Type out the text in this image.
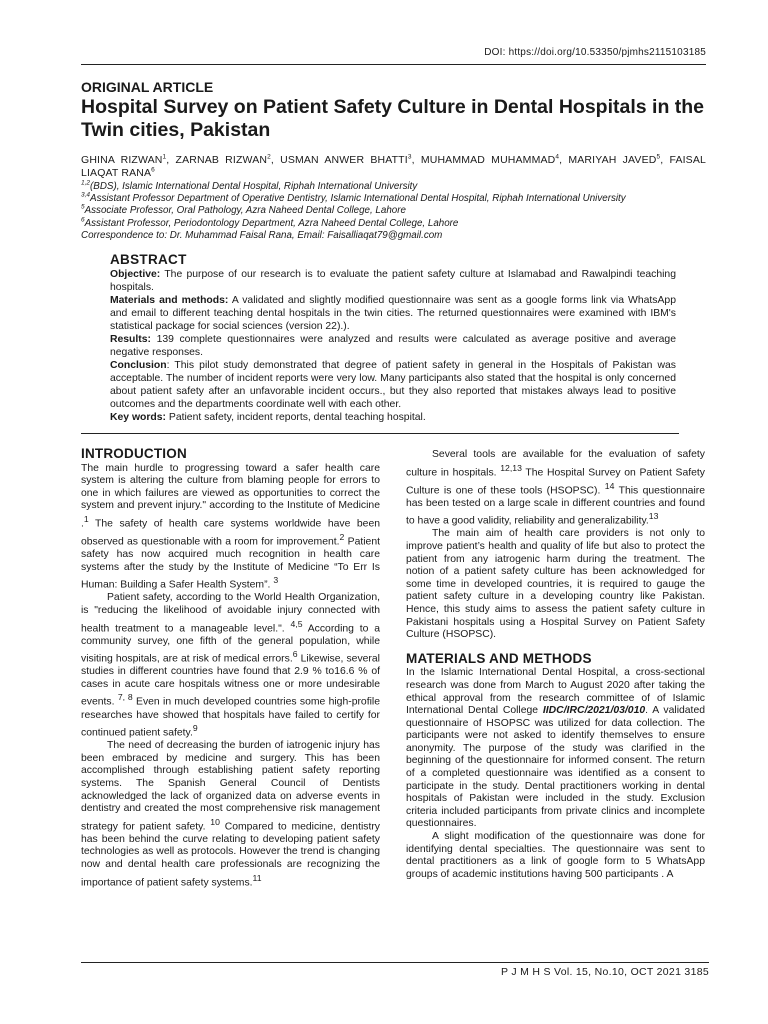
DOI: https://doi.org/10.53350/pjmhs2115103185
ORIGINAL ARTICLE
Hospital Survey on Patient Safety Culture in Dental Hospitals in the Twin cities, Pakistan
GHINA RIZWAN$^1$, ZARNAB RIZWAN$^2$, USMAN ANWER BHATTI$^3$, MUHAMMAD MUHAMMAD$^4$, MARIYAH JAVED$^5$, FAISAL LIAQAT RANA$^6$
$^{1,2}$(BDS), Islamic International Dental Hospital, Riphah International University
$^{3,4}$Assistant Professor Department of Operative Dentistry, Islamic International Dental Hospital, Riphah International University
$^5$Associate Professor, Oral Pathology, Azra Naheed Dental College, Lahore
$^6$Assistant Professor, Periodontology Department, Azra Naheed Dental College, Lahore
Correspondence to: Dr. Muhammad Faisal Rana, Email: Faisalliaqat79@gmail.com
ABSTRACT

Objective: The purpose of our research is to evaluate the patient safety culture at Islamabad and Rawalpindi teaching hospitals.

Materials and methods: A validated and slightly modified questionnaire was sent as a google forms link via WhatsApp and email to different teaching dental hospitals in the twin cities. The returned questionnaires were examined with IBM's statistical package for social sciences (version 22).).

Results: 139 complete questionnaires were analyzed and results were calculated as average positive and average negative responses.

Conclusion: This pilot study demonstrated that degree of patient safety in general in the Hospitals of Pakistan was acceptable. The number of incident reports were very low. Many participants also stated that the hospital is only concerned about patient safety after an unfavorable incident occurs., but they also reported that mistakes always lead to positive outcomes and the departments coordinate well with each other.

Key words: Patient safety, incident reports, dental teaching hospital.

INTRODUCTION

The main hurdle to progressing toward a safer health care system is altering the culture from blaming people for errors to one in which failures are viewed as opportunities to correct the system and prevent injury." according to the Institute of Medicine .$^1$ The safety of health care systems worldwide have been observed as questionable with a room for improvement.$^2$ Patient safety has now acquired much recognition in health care systems after the study by the Institute of Medicine “To Err Is Human: Building a Safer Health System”. $^3$

Patient safety, according to the World Health Organization, is "reducing the likelihood of avoidable injury connected with health treatment to a manageable level.". $^{4,5}$ According to a community survey, one fifth of the general population, while visiting hospitals, are at risk of medical errors.$^6$ Likewise, several studies in different countries have found that 2.9 % to16.6 % of cases in acute care hospitals witness one or more undesirable events. $^{7, 8}$ Even in much developed countries some high-profile researches have showed that hospitals have failed to certify for continued patient safety.$^9$

The need of decreasing the burden of iatrogenic injury has been embraced by medicine and surgery. This has been accomplished through establishing patient safety reporting systems. The Spanish General Council of Dentists acknowledged the lack of organized data on adverse events in dentistry and created the most comprehensive risk management strategy for patient safety. $^{10}$ Compared to medicine, dentistry has been behind the curve relating to developing patient safety technologies as well as protocols. However the trend is changing now and dental health care professionals are recognizing the importance of patient safety systems.$^{11}$

Several tools are available for the evaluation of safety culture in hospitals. $^{12,13}$ The Hospital Survey on Patient Safety Culture is one of these tools (HSOPSC). $^{14}$ This questionnaire has been tested on a large scale in different countries and found to have a good validity, reliability and generalizability.$^{13}$

The main aim of health care providers is not only to improve patient’s health and quality of life but also to protect the patient from any iatrogenic harm during the treatment. The notion of a patient safety culture has been acknowledged for some time in developed countries, it is required to gauge the patient safety culture in a developing country like Pakistan. Hence, this study aims to assess the patient safety culture in Pakistani hospitals using a Hospital Survey on Patient Safety Culture (HSOPSC).

MATERIALS AND METHODS

In the Islamic International Dental Hospital, a cross-sectional research was done from March to August 2020 after taking the ethical approval from the research committee of of Islamic International Dental College IIDC/IRC/2021/03/010. A validated questionnaire of HSOPSC was utilized for data collection. The participants were not asked to identify themselves to ensure anonymity. The purpose of the study was clarified in the beginning of the questionnaire for informed consent. The return of a completed questionnaire was identified as a consent to participate in the study. Dental practitioners working in dental hospitals of Pakistan were included in the study. Exclusion criteria included participants from private clinics and incomplete questionnaires.

A slight modification of the questionnaire was done for identifying dental specialties. The questionnaire was sent to dental practitioners as a link of google form to 5 WhatsApp groups of academic institutions having 500 participants . A

P J M H S Vol. 15, No.10, OCT 2021 3185
